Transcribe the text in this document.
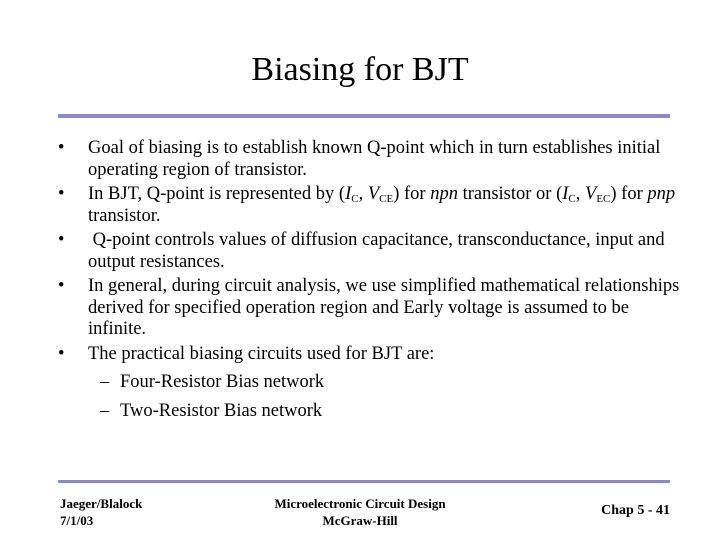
Biasing for BJT
• Goal of biasing is to establish known Q-point which in turn establishes initial operating region of transistor.
• In BJT, Q-point is represented by ($I_C$, $V_{CE}$) for npn transistor or ($I_C$, $V_{EC}$) for pnp transistor.
• Q-point controls values of diffusion capacitance, transconductance, input and output resistances.
• In general, during circuit analysis, we use simplified mathematical relationships derived for specified operation region and Early voltage is assumed to be infinite.
• The practical biasing circuits used for BJT are:
– Four-Resistor Bias network
– Two-Resistor Bias network
Jaeger/Blalock
7/1/03
Microelectronic Circuit Design
McGraw-Hill
Chap 5 - 41
